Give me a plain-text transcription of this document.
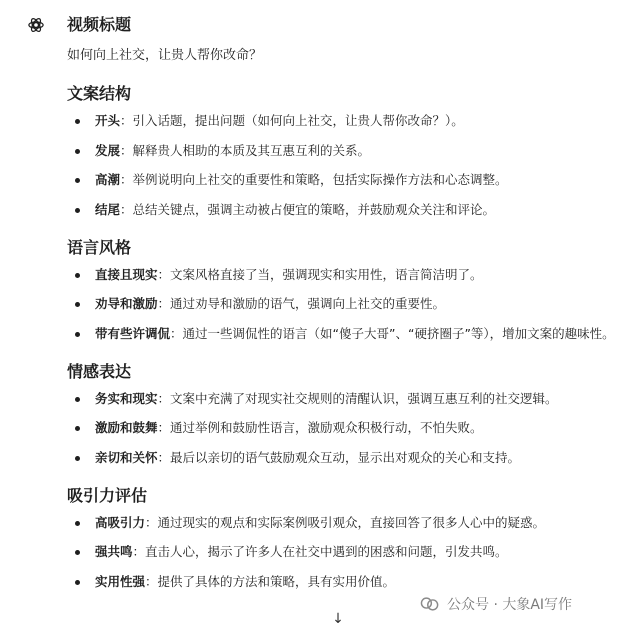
视频标题

如何向上社交，让贵人帮你改命？

文案结构
开头：引入话题，提出问题（如何向上社交，让贵人帮你改命？）。
发展：解释贵人相助的本质及其互惠互利的关系。
高潮：举例说明向上社交的重要性和策略，包括实际操作方法和心态调整。
结尾：总结关键点，强调主动被占便宜的策略，并鼓励观众关注和评论。
语言风格
直接且现实：文案风格直接了当，强调现实和实用性，语言简洁明了。
劝导和激励：通过劝导和激励的语气，强调向上社交的重要性。
带有些许调侃：通过一些调侃性的语言（如“傻子大哥”、“硬挤圈子”等），增加文案的趣味性。
情感表达
务实和现实：文案中充满了对现实社交规则的清醒认识，强调互惠互利的社交逻辑。
激励和鼓舞：通过举例和鼓励性语言，激励观众积极行动，不怕失败。
亲切和关怀：最后以亲切的语气鼓励观众互动，显示出对观众的关心和支持。
吸引力评估
高吸引力：通过现实的观点和实际案例吸引观众，直接回答了很多人心中的疑惑。
强共鸣：直击人心，揭示了许多人在社交中遇到的困惑和问题，引发共鸣。
实用性强：提供了具体的方法和策略，具有实用价值。
公众号 · 大象AI写作
↓
